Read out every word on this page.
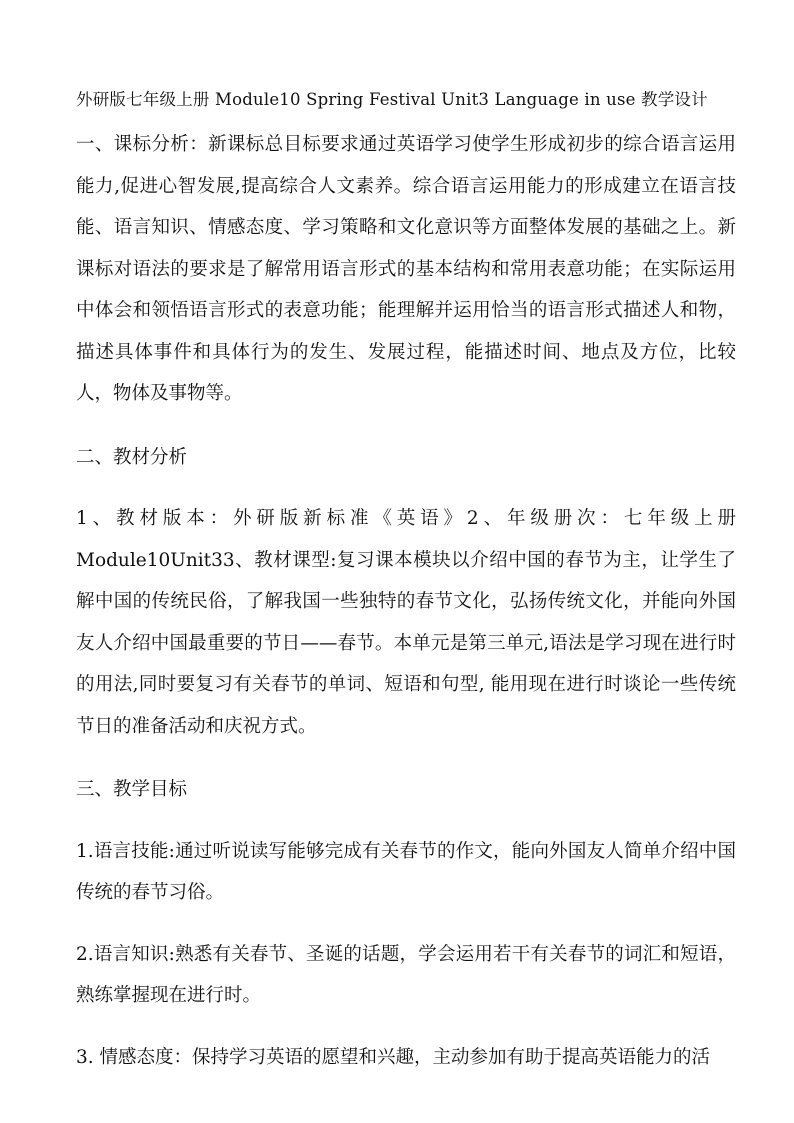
外研版七年级上册 Module10 Spring Festival Unit3 Language in use 教学设计

一、课标分析：新课标总目标要求通过英语学习使学生形成初步的综合语言运用能力,促进心智发展,提高综合人文素养。综合语言运用能力的形成建立在语言技能、语言知识、情感态度、学习策略和文化意识等方面整体发展的基础之上。新课标对语法的要求是了解常用语言形式的基本结构和常用表意功能；在实际运用中体会和领悟语言形式的表意功能；能理解并运用恰当的语言形式描述人和物，描述具体事件和具体行为的发生、发展过程，能描述时间、地点及方位，比较人，物体及事物等。

二、教材分析

1、教材版本：外研版新标准《英语》2、年级册次：七年级上册 Module10Unit33、教材课型:复习课本模块以介绍中国的春节为主，让学生了解中国的传统民俗，了解我国一些独特的春节文化，弘扬传统文化，并能向外国友人介绍中国最重要的节日——春节。本单元是第三单元,语法是学习现在进行时的用法,同时要复习有关春节的单词、短语和句型, 能用现在进行时谈论一些传统节日的准备活动和庆祝方式。

三、教学目标

1.语言技能:通过听说读写能够完成有关春节的作文，能向外国友人简单介绍中国传统的春节习俗。

2.语言知识:熟悉有关春节、圣诞的话题，学会运用若干有关春节的词汇和短语，熟练掌握现在进行时。

3. 情感态度：保持学习英语的愿望和兴趣，主动参加有助于提高英语能力的活
